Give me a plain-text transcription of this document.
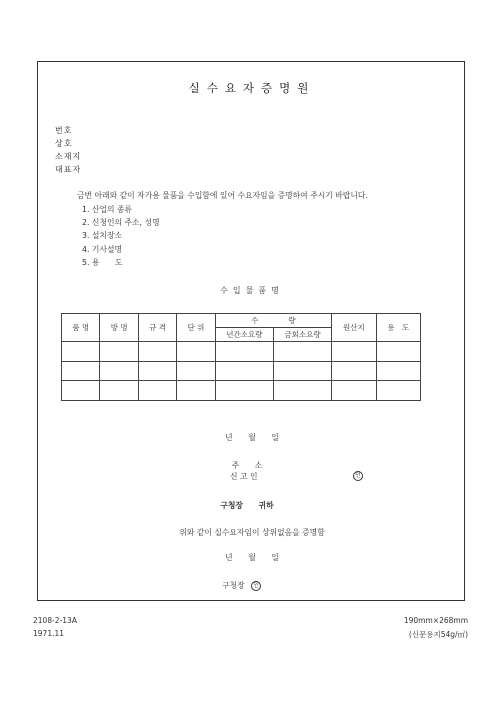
실수요자증명원
번호
상호
소재지
대표자
금번 아래와 같이 자가용 물품을 수입함에 있어 수요자임을 증명하여 주시기 바랍니다.
1. 산업의 종류
2. 신청인의 주소, 성명
3. 설치장소
4. 기사설명
5. 용　　도
수입물품명
품 명	방 명	규 격	단 위	수　　　　량		원산지	용　도
				년간소요량	금회소요량		

년　　월　　일
주　　소
신 고 인	인
구청장　　귀하
위와 같이 실수요자임이 상위없음을 증명함
년　　월　　일
구청장 인
2108-2-13A
1971.11
190mm×268mm
(신문용지54g/㎡)
